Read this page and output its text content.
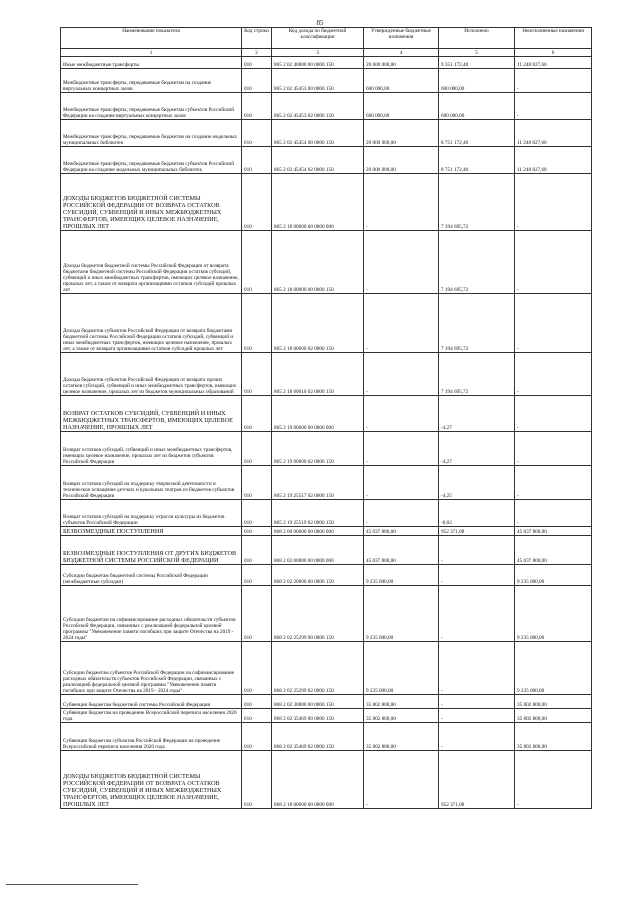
85
Наименование показателя	Код строки	Код дохода по бюджетной классификации	Утвержденные бюджетные назначения	Исполнено	Неисполненные назначения
1	2	3	4	5	6
Иные межбюджетные трансферты	010	865 2 02 40000 00 0000 150	20 600 000,00	9 351 172,40	11 248 827,60
Межбюджетные трансферты, передаваемые бюджетам на создание виртуальных концертных залов	010	865 2 02 45453 00 0000 150	600 000,00	600 000,00	-
Межбюджетные трансферты, передаваемые бюджетам субъектов Российской Федерации на создание виртуальных концертных залов	010	865 2 02 45453 02 0000 150	600 000,00	600 000,00	-
Межбюджетные трансферты, передаваемые бюджетам на создание модельных муниципальных библиотек	010	865 2 02 45454 00 0000 150	20 000 000,00	8 751 172,40	11 248 827,60
Межбюджетные трансферты, передаваемые бюджетам субъектов Российской Федерации на создание модельных муниципальных библиотек	010	865 2 02 45454 02 0000 150	20 000 000,00	8 751 172,40	11 248 827,60
ДОХОДЫ БЮДЖЕТОВ БЮДЖЕТНОЙ СИСТЕМЫ РОССИЙСКОЙ ФЕДЕРАЦИИ ОТ ВОЗВРАТА ОСТАТКОВ СУБСИДИЙ, СУБВЕНЦИЙ И ИНЫХ МЕЖБЮДЖЕТНЫХ ТРАНСФЕРТОВ, ИМЕЮЩИХ ЦЕЛЕВОЕ НАЗНАЧЕНИЕ, ПРОШЛЫХ ЛЕТ	010	865 2 18 00000 00 0000 000	-	7 194 695,72	-
Доходы бюджетов бюджетной системы Российской Федерации от возврата бюджетами бюджетной системы Российской Федерации остатков субсидий, субвенций и иных межбюджетных трансфертов, имеющих целевое назначение, прошлых лет, а также от возврата организациями остатков субсидий прошлых лет	010	865 2 18 00000 00 0000 150	-	7 194 695,72	-
Доходы бюджетов субъектов Российской Федерации от возврата бюджетами бюджетной системы Российской Федерации остатков субсидий, субвенций и иных межбюджетных трансфертов, имеющих целевое назначение, прошлых лет, а также от возврата организациями остатков субсидий прошлых лет	010	865 2 18 00000 02 0000 150	-	7 194 695,72	-
Доходы бюджетов субъектов Российской Федерации от возврата прочих остатков субсидий, субвенций и иных межбюджетных трансфертов, имеющих целевое назначение, прошлых лет из бюджетов муниципальных образований	010	865 2 18 60010 02 0000 150	-	7 194 695,72	-
ВОЗВРАТ ОСТАТКОВ СУБСИДИЙ, СУБВЕНЦИЙ И ИНЫХ МЕЖБЮДЖЕТНЫХ ТРАНСФЕРТОВ, ИМЕЮЩИХ ЦЕЛЕВОЕ НАЗНАЧЕНИЕ, ПРОШЛЫХ ЛЕТ	010	865 2 19 00000 00 0000 000	-	-4,27	-
Возврат остатков субсидий, субвенций и иных межбюджетных трансфертов, имеющих целевое назначение, прошлых лет из бюджетов субъектов Российской Федерации	010	865 2 19 00000 02 0000 150	-	-4,27	-
Возврат остатков субсидий на поддержку творческой деятельности и техническое оснащение детских и кукольных театров из бюджетов субъектов Российской Федерации	010	865 2 19 25517 02 0000 150	-	-4,25	-
Возврат остатков субсидий на поддержку отрасли культуры из бюджетов субъектов Российской Федерации	010	865 2 19 25519 02 0000 150	-	-0,02	-
БЕЗВОЗМЕЗДНЫЕ ПОСТУПЛЕНИЯ	010	868 2 00 00000 00 0000 000	45 037 800,00	952 371,08	45 037 800,00
БЕЗВОЗМЕЗДНЫЕ ПОСТУПЛЕНИЯ ОТ ДРУГИХ БЮДЖЕТОВ БЮДЖЕТНОЙ СИСТЕМЫ РОССИЙСКОЙ ФЕДЕРАЦИИ	010	868 2 02 00000 00 0000 000	45 037 800,00	-	45 037 800,00
Субсидии бюджетам бюджетной системы Российской Федерации (межбюджетные субсидии)	010	868 2 02 20000 00 0000 150	9 235 000,00	-	9 235 000,00
Субсидии бюджетам на софинансирование расходных обязательств субъектов Российской Федерации, связанных с реализацией федеральной целевой программы "Увековечение памяти погибших при защите Отечества на 2019 - 2024 годы"	010	868 2 02 25299 00 0000 150	9 235 000,00	-	9 235 000,00
Субсидии бюджетам субъектов Российской Федерации на софинансирование расходных обязательств субъектов Российской Федерации, связанных с реализацией федеральной целевой программы "Увековечение памяти погибших при защите Отечества на 2019 - 2024 годы"	010	868 2 02 25299 02 0000 150	9 235 000,00	-	9 235 000,00
Субвенции бюджетам бюджетной системы Российской Федерации	010	868 2 02 30000 00 0000 150	35 802 800,00	-	35 802 800,00
Субвенции бюджетам на проведение Всероссийской переписи населения 2020 года	010	868 2 02 35469 00 0000 150	35 802 800,00	-	35 802 800,00
Субвенции бюджетам субъектов Российской Федерации на проведение Всероссийской переписи населения 2020 года	010	868 2 02 35469 02 0000 150	35 802 800,00	-	35 802 800,00
ДОХОДЫ БЮДЖЕТОВ БЮДЖЕТНОЙ СИСТЕМЫ РОССИЙСКОЙ ФЕДЕРАЦИИ ОТ ВОЗВРАТА ОСТАТКОВ СУБСИДИЙ, СУБВЕНЦИЙ И ИНЫХ МЕЖБЮДЖЕТНЫХ ТРАНСФЕРТОВ, ИМЕЮЩИХ ЦЕЛЕВОЕ НАЗНАЧЕНИЕ, ПРОШЛЫХ ЛЕТ	010	868 2 18 00000 00 0000 000	-	952 371,08	-
